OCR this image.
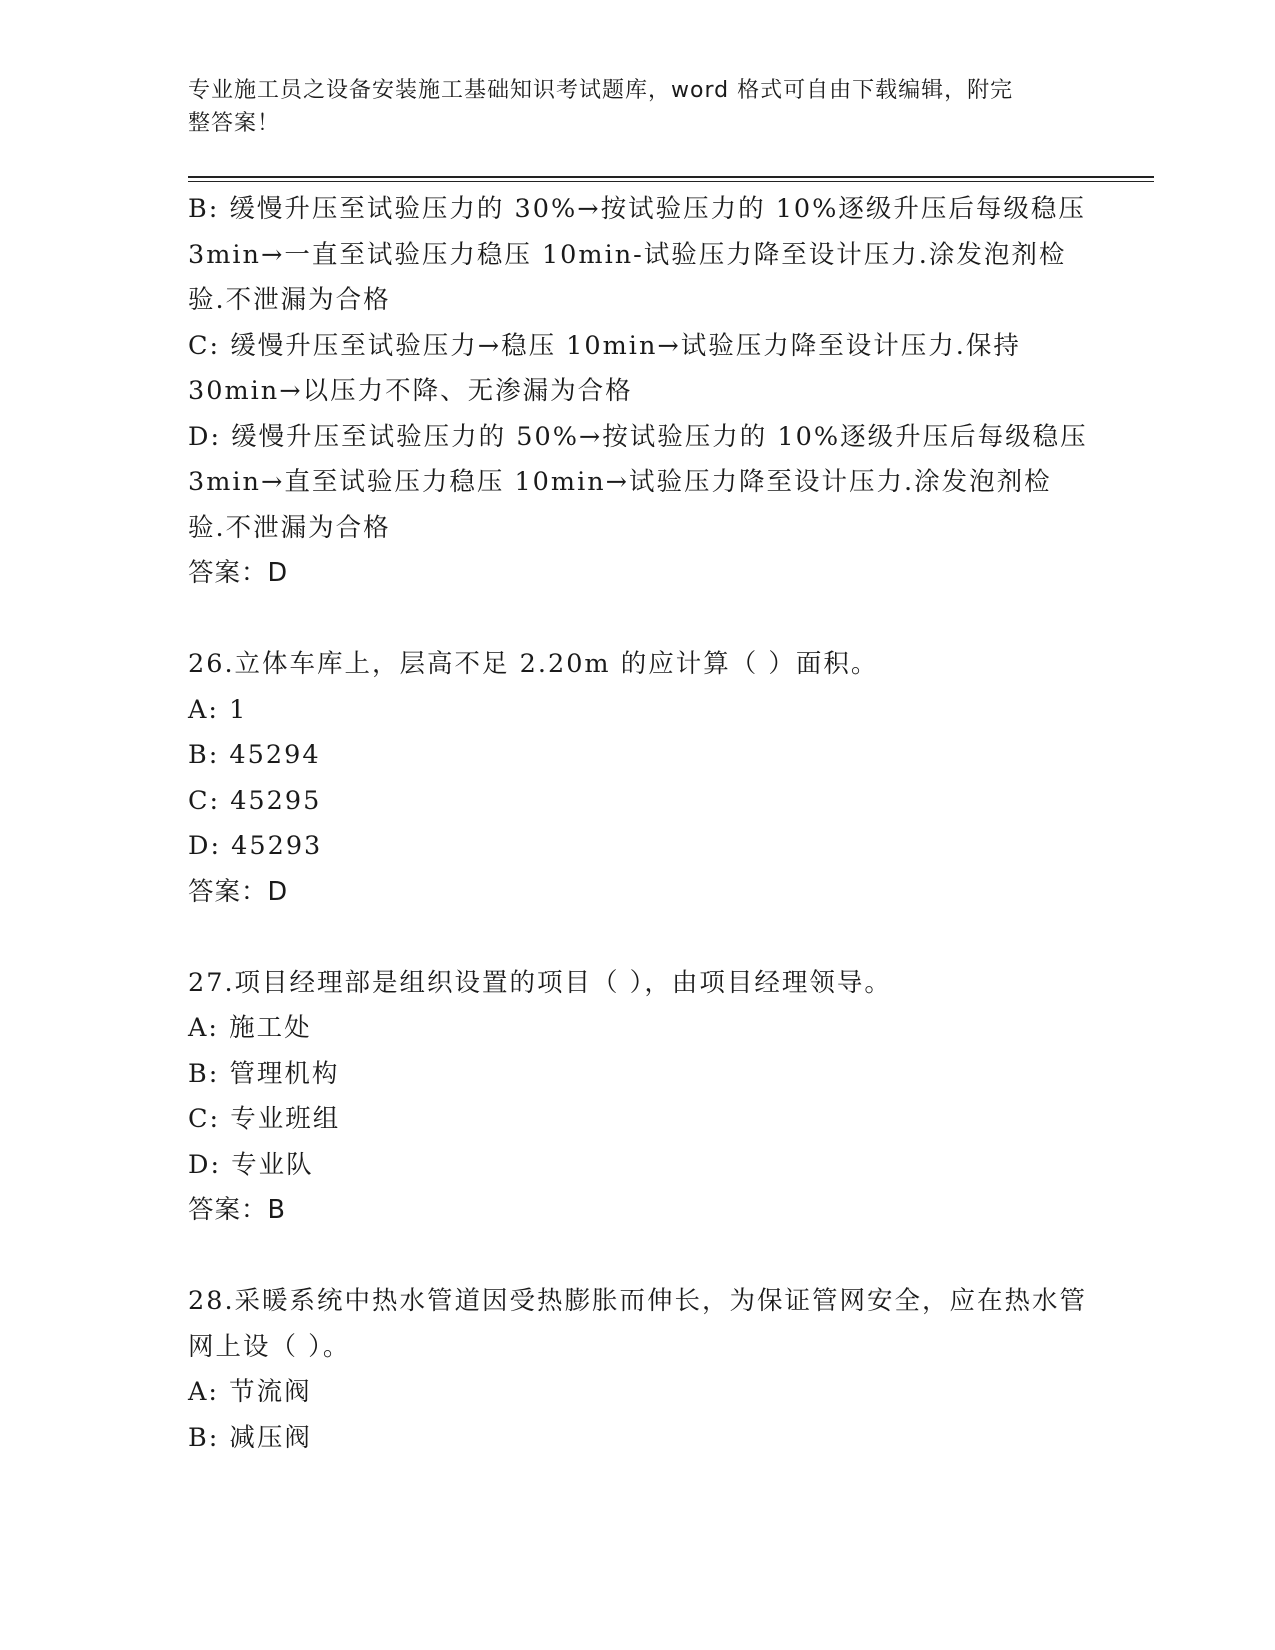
专业施工员之设备安装施工基础知识考试题库，word 格式可自由下载编辑，附完
整答案！

B: 缓慢升压至试验压力的 30%→按试验压力的 10%逐级升压后每级稳压 3min→一直至试验压力稳压 10min-试验压力降至设计压力.涂发泡剂检验.不泄漏为合格

C: 缓慢升压至试验压力→稳压 10min→试验压力降至设计压力.保持30min→以压力不降、无渗漏为合格

D: 缓慢升压至试验压力的 50%→按试验压力的 10%逐级升压后每级稳压 3min→直至试验压力稳压 10min→试验压力降至设计压力.涂发泡剂检验.不泄漏为合格

答案：D

26.立体车库上，层高不足 2.20m 的应计算（ ）面积。

A: 1

B: 45294

C: 45295

D: 45293

答案：D

27.项目经理部是组织设置的项目（ ），由项目经理领导。

A: 施工处

B: 管理机构

C: 专业班组

D: 专业队

答案：B

28.采暖系统中热水管道因受热膨胀而伸长，为保证管网安全，应在热水管网上设（ ）。

A: 节流阀

B: 减压阀
